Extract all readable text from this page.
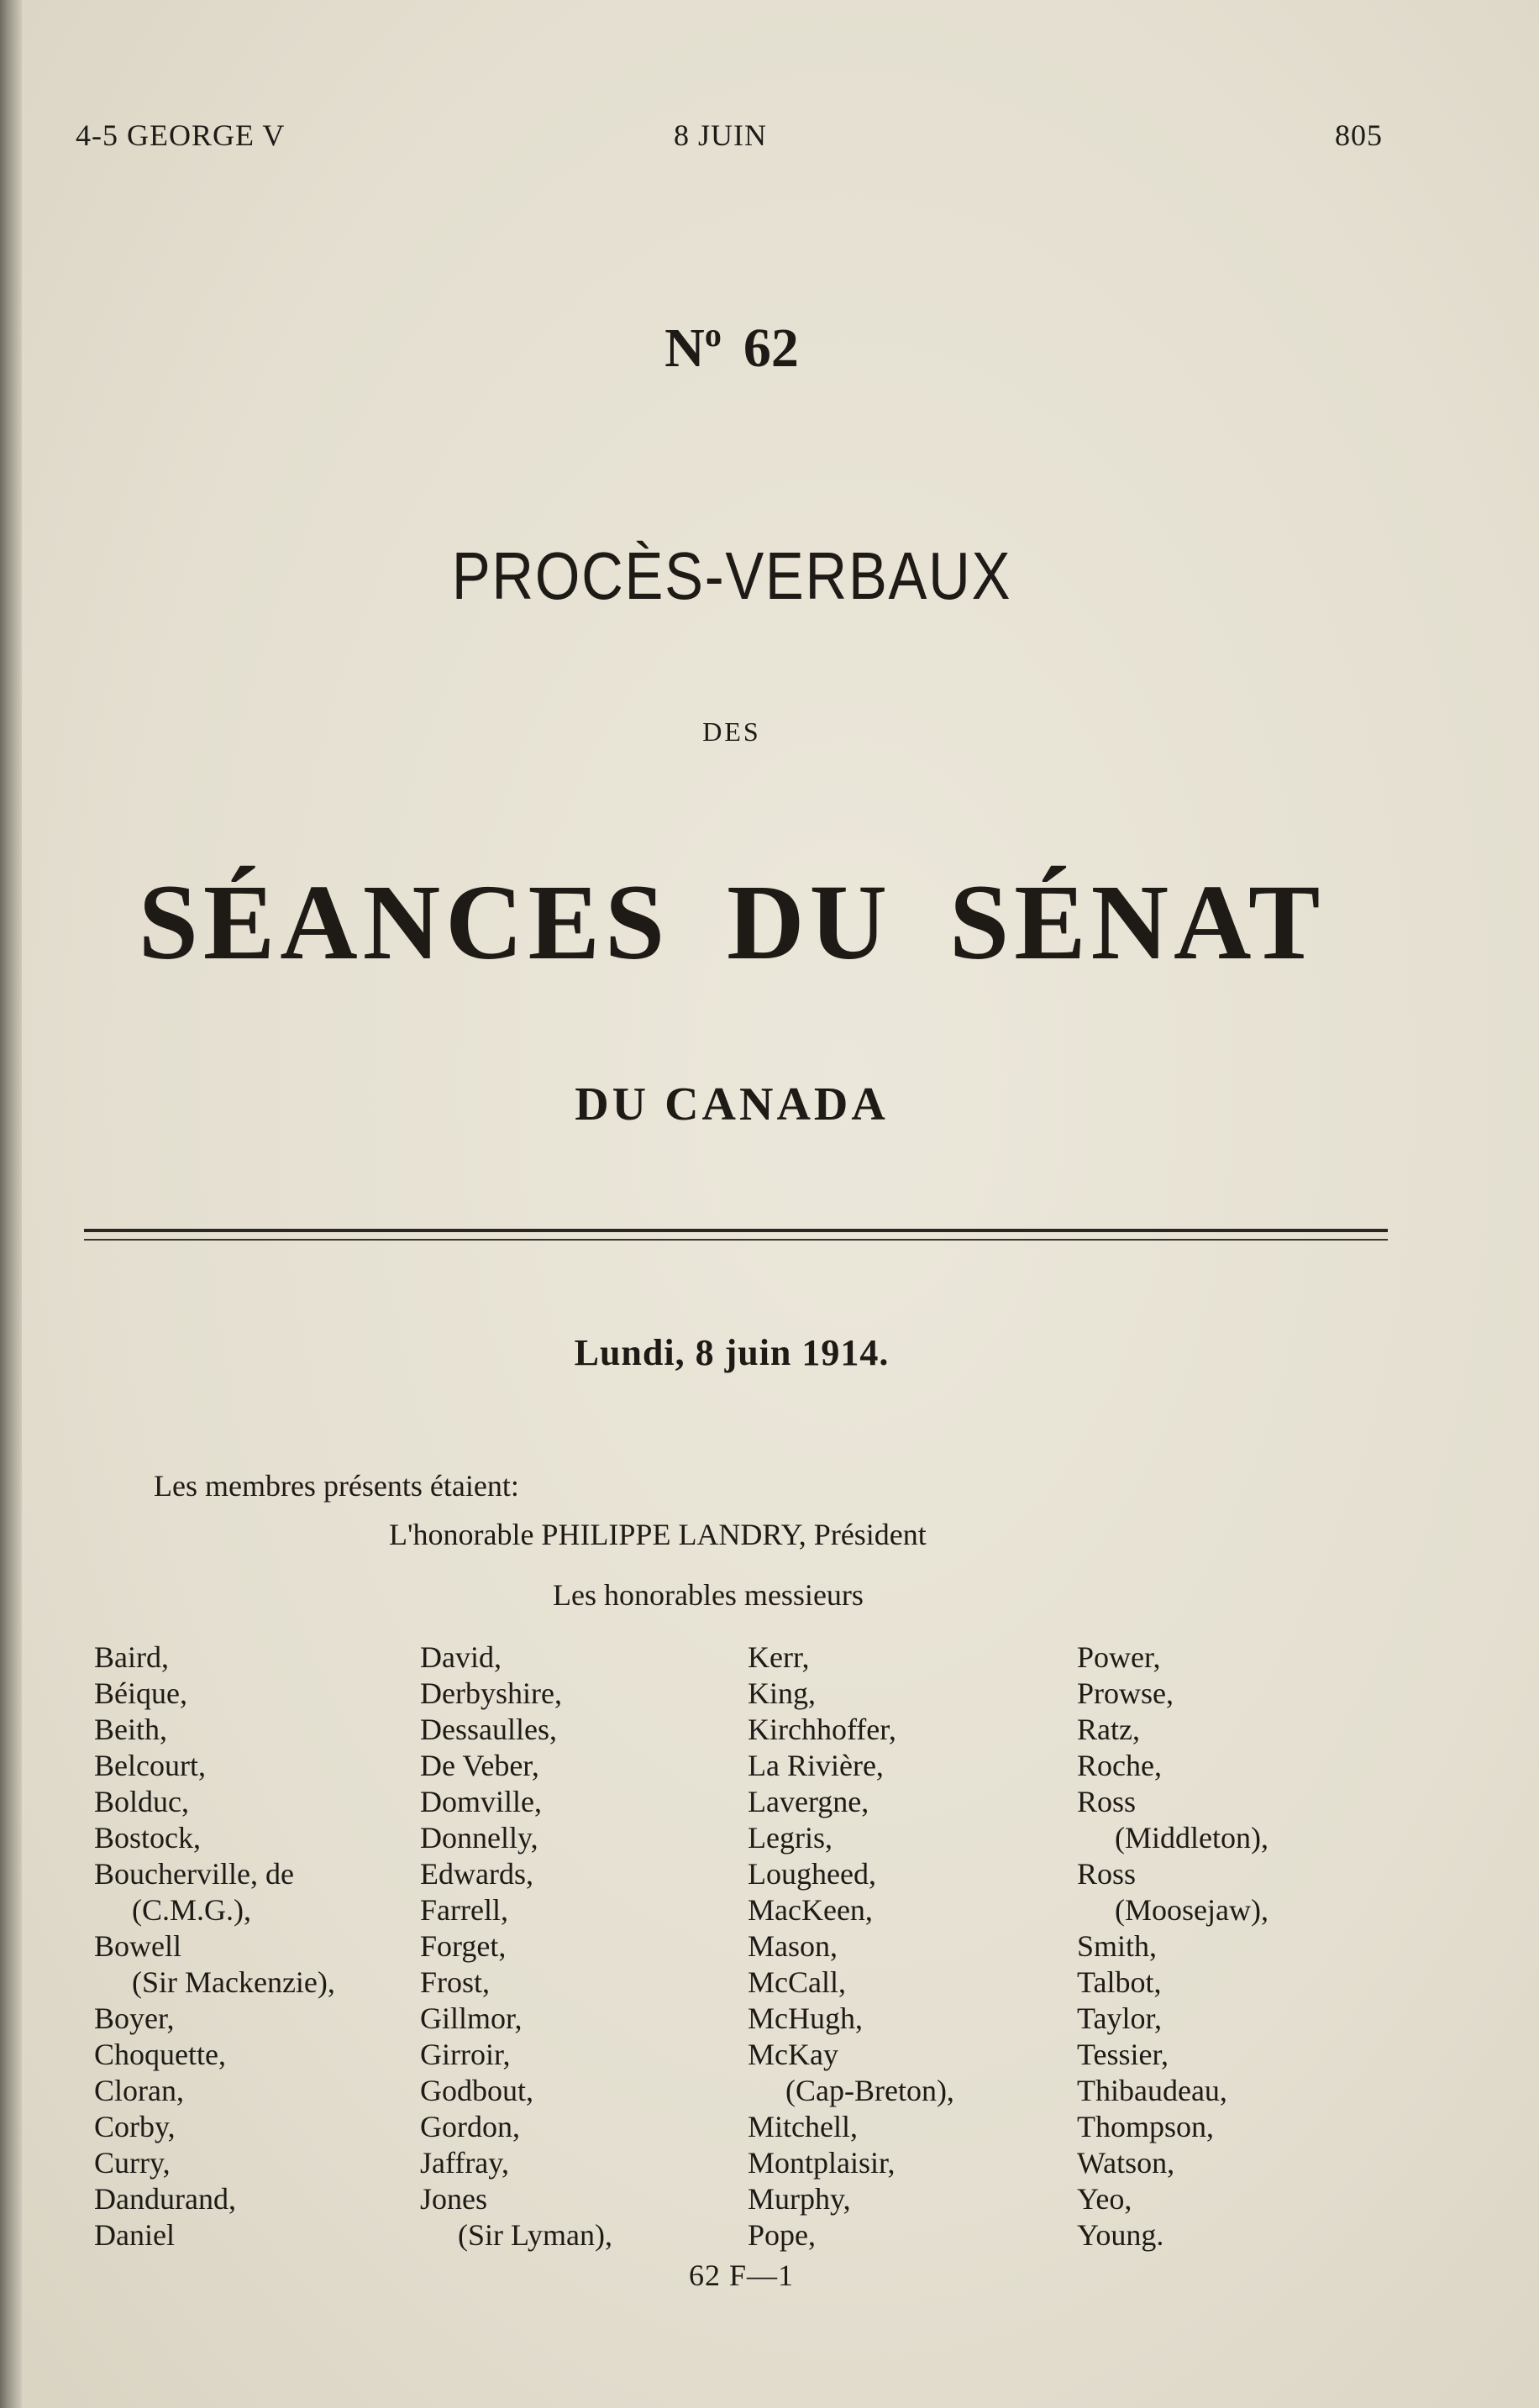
4-5 GEORGE V	8 JUIN	805
$N^o$ 62
PROCÈS-VERBAUX
DES
SÉANCES DU SÉNAT
DU CANADA
Lundi, 8 juin 1914.
Les membres présents étaient:
L'honorable PHILIPPE LANDRY, Président
Les honorables messieurs
Baird,
Béique,
Beith,
Belcourt,
Bolduc,
Bostock,
Boucherville, de
(C.M.G.),
Bowell
(Sir Mackenzie),
Boyer,
Choquette,
Cloran,
Corby,
Curry,
Dandurand,
Daniel
David,
Derbyshire,
Dessaulles,
De Veber,
Domville,
Donnelly,
Edwards,
Farrell,
Forget,
Frost,
Gillmor,
Girroir,
Godbout,
Gordon,
Jaffray,
Jones
(Sir Lyman),
Kerr,
King,
Kirchhoffer,
La Rivière,
Lavergne,
Legris,
Lougheed,
MacKeen,
Mason,
McCall,
McHugh,
McKay
(Cap-Breton),
Mitchell,
Montplaisir,
Murphy,
Pope,
Power,
Prowse,
Ratz,
Roche,
Ross
(Middleton),
Ross
(Moosejaw),
Smith,
Talbot,
Taylor,
Tessier,
Thibaudeau,
Thompson,
Watson,
Yeo,
Young.
62 F—1
